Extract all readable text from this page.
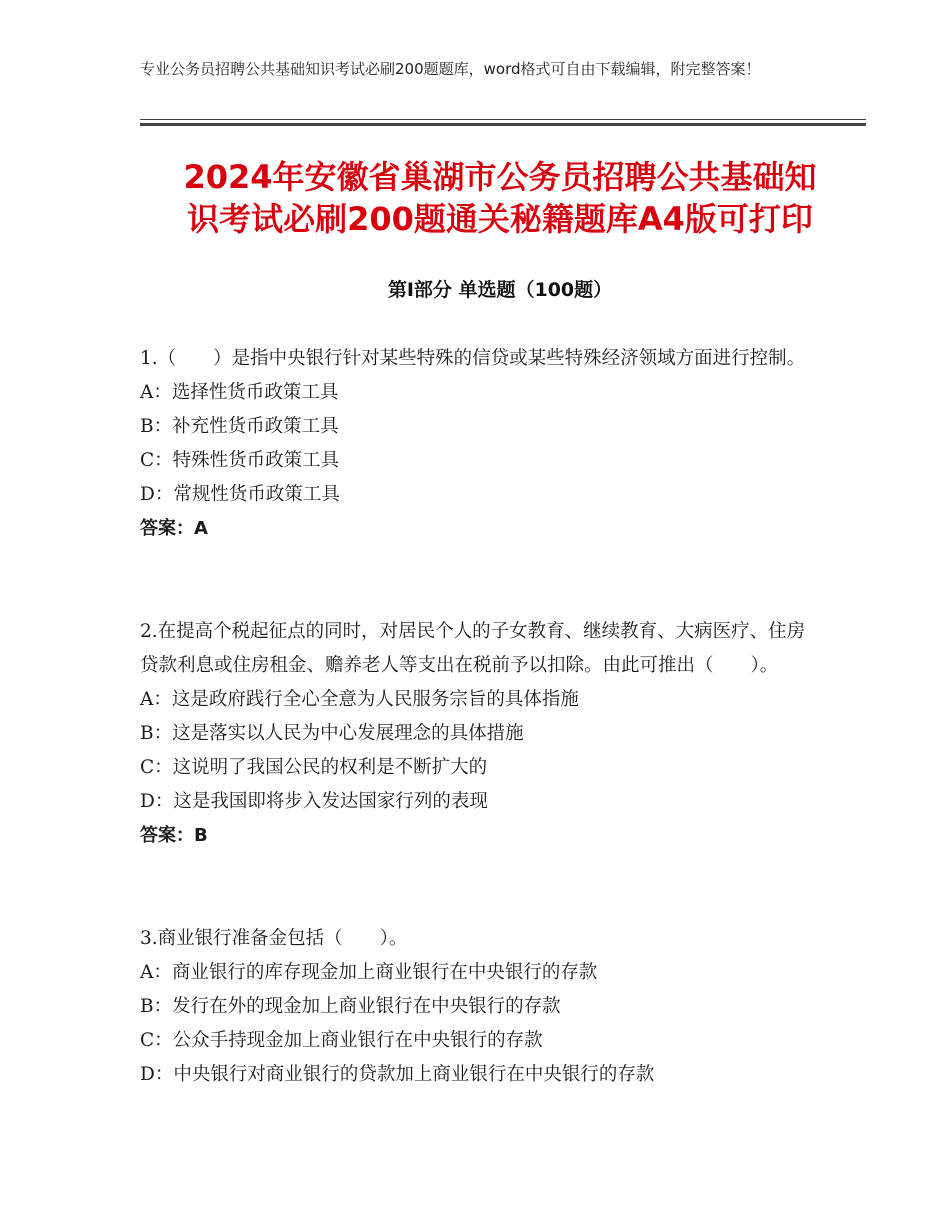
专业公务员招聘公共基础知识考试必刷200题题库，word格式可自由下载编辑，附完整答案！
2024年安徽省巢湖市公务员招聘公共基础知
识考试必刷200题通关秘籍题库A4版可打印
第Ⅰ部分 单选题（100题）
1.（　　）是指中央银行针对某些特殊的信贷或某些特殊经济领域方面进行控制。
A：选择性货币政策工具
B：补充性货币政策工具
C：特殊性货币政策工具
D：常规性货币政策工具
答案：A
2.在提高个税起征点的同时，对居民个人的子女教育、继续教育、大病医疗、住房贷款利息或住房租金、赡养老人等支出在税前予以扣除。由此可推出（　　）。
A：这是政府践行全心全意为人民服务宗旨的具体指施
B：这是落实以人民为中心发展理念的具体措施
C：这说明了我国公民的权利是不断扩大的
D：这是我国即将步入发达国家行列的表现
答案：B
3.商业银行准备金包括（　　）。
A：商业银行的库存现金加上商业银行在中央银行的存款
B：发行在外的现金加上商业银行在中央银行的存款
C：公众手持现金加上商业银行在中央银行的存款
D：中央银行对商业银行的贷款加上商业银行在中央银行的存款
